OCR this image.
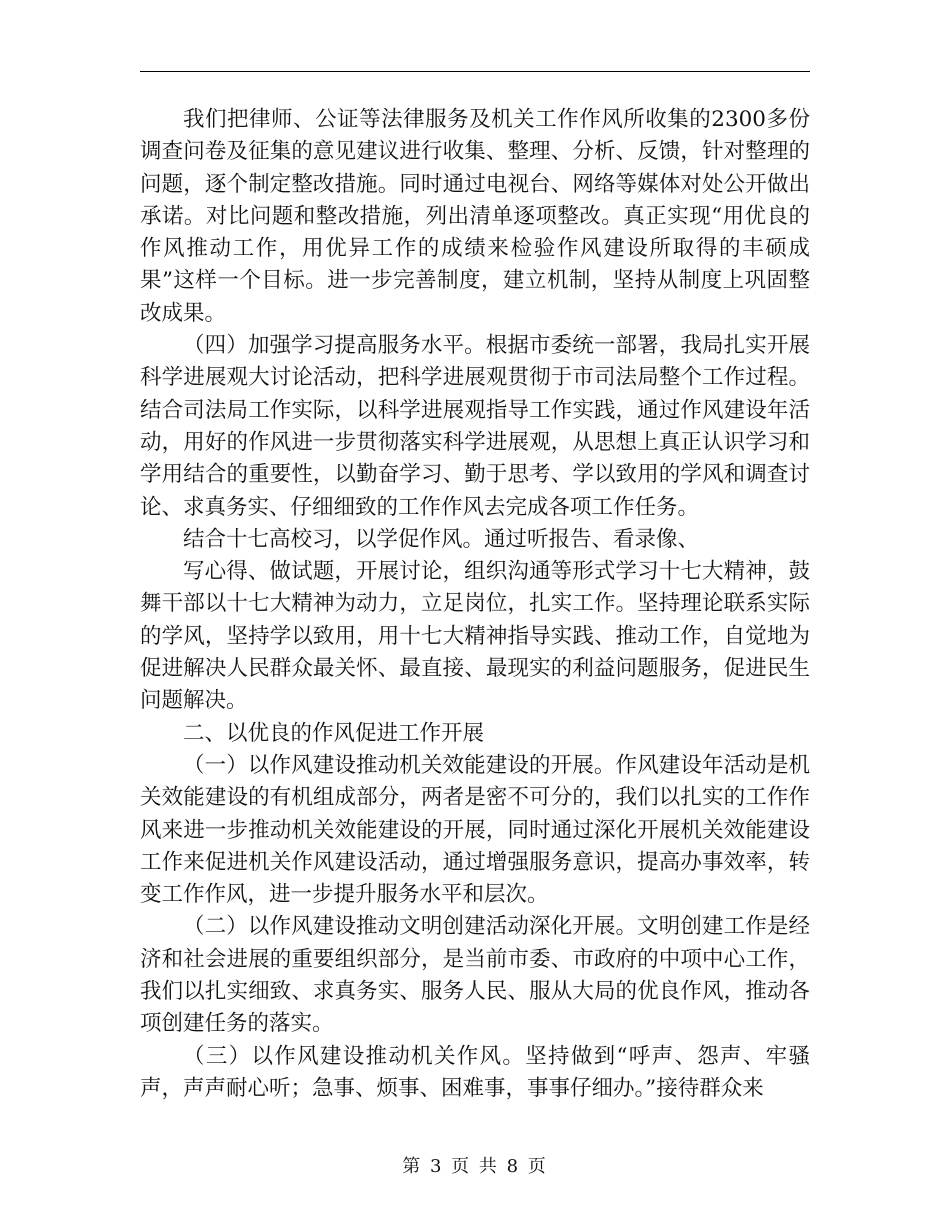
我们把律师、公证等法律服务及机关工作作风所收集的2300多份调查问卷及征集的意见建议进行收集、整理、分析、反馈，针对整理的问题，逐个制定整改措施。同时通过电视台、网络等媒体对处公开做出承诺。对比问题和整改措施，列出清单逐项整改。真正实现“用优良的作风推动工作，用优异工作的成绩来检验作风建设所取得的丰硕成果”这样一个目标。进一步完善制度，建立机制，坚持从制度上巩固整改成果。

（四）加强学习提高服务水平。根据市委统一部署，我局扎实开展科学进展观大讨论活动，把科学进展观贯彻于市司法局整个工作过程。结合司法局工作实际，以科学进展观指导工作实践，通过作风建设年活动，用好的作风进一步贯彻落实科学进展观，从思想上真正认识学习和学用结合的重要性，以勤奋学习、勤于思考、学以致用的学风和调查讨论、求真务实、仔细细致的工作作风去完成各项工作任务。

结合十七高校习，以学促作风。通过听报告、看录像、

写心得、做试题，开展讨论，组织沟通等形式学习十七大精神，鼓舞干部以十七大精神为动力，立足岗位，扎实工作。坚持理论联系实际的学风，坚持学以致用，用十七大精神指导实践、推动工作，自觉地为促进解决人民群众最关怀、最直接、最现实的利益问题服务，促进民生问题解决。

二、以优良的作风促进工作开展

（一）以作风建设推动机关效能建设的开展。作风建设年活动是机关效能建设的有机组成部分，两者是密不可分的，我们以扎实的工作作风来进一步推动机关效能建设的开展，同时通过深化开展机关效能建设工作来促进机关作风建设活动，通过增强服务意识，提高办事效率，转变工作作风，进一步提升服务水平和层次。

（二）以作风建设推动文明创建活动深化开展。文明创建工作是经济和社会进展的重要组织部分，是当前市委、市政府的中项中心工作，我们以扎实细致、求真务实、服务人民、服从大局的优良作风，推动各项创建任务的落实。

（三）以作风建设推动机关作风。坚持做到“呼声、怨声、牢骚声，声声耐心听；急事、烦事、困难事，事事仔细办。”接待群众来

第 3 页 共 8 页
